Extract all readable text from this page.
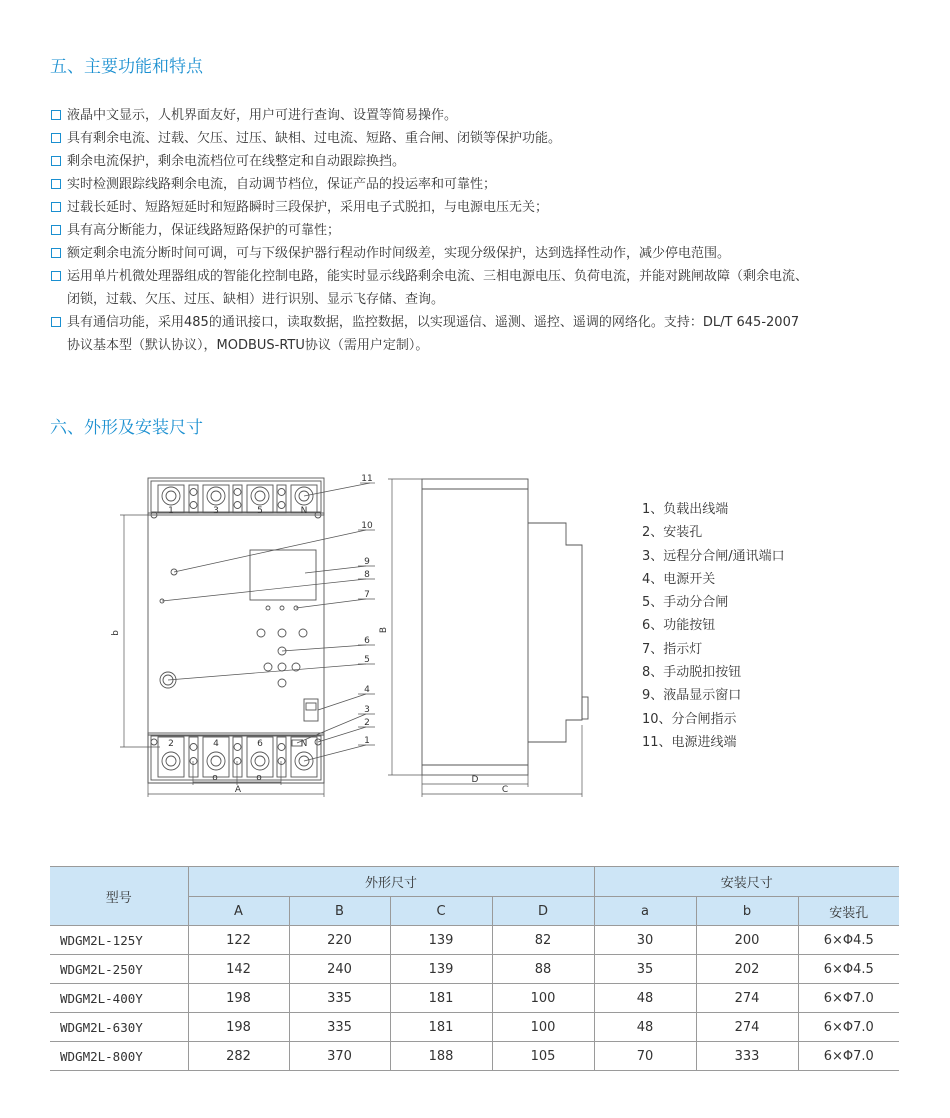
五、主要功能和特点
液晶中文显示，人机界面友好，用户可进行查询、设置等简易操作。
具有剩余电流、过载、欠压、过压、缺相、过电流、短路、重合闸、闭锁等保护功能。
剩余电流保护，剩余电流档位可在线整定和自动跟踪换挡。
实时检测跟踪线路剩余电流，自动调节档位，保证产品的投运率和可靠性；
过载长延时、短路短延时和短路瞬时三段保护，采用电子式脱扣，与电源电压无关；
具有高分断能力，保证线路短路保护的可靠性；
额定剩余电流分断时间可调，可与下级保护器行程动作时间级差，实现分级保护，达到选择性动作，减少停电范围。
运用单片机微处理器组成的智能化控制电路，能实时显示线路剩余电流、三相电源电压、负荷电流，并能对跳闸故障（剩余电流、
闭锁，过载、欠压、过压、缺相）进行识别、显示飞存储、查询。
具有通信功能，采用485的通讯接口，读取数据，监控数据，以实现遥信、遥测、遥控、遥调的网络化。支持：DL/T 645-2007
协议基本型（默认协议），MODBUS-RTU协议（需用户定制）。
六、外形及安装尺寸
1	3	5	N
2	4	6	N
11
10
9
8
7
6
5
4
3
2
1
b
A
o	o
B
D
C
1、负载出线端
2、安装孔
3、远程分合闸/通讯端口
4、电源开关
5、手动分合闸
6、功能按钮
7、指示灯
8、手动脱扣按钮
9、液晶显示窗口
10、分合闸指示
11、电源进线端
型号	外形尺寸				安装尺寸		
	A	B	C	D	a	b	安装孔
WDGM2L-125Y	122	220	139	82	30	200	6×Φ4.5
WDGM2L-250Y	142	240	139	88	35	202	6×Φ4.5
WDGM2L-400Y	198	335	181	100	48	274	6×Φ7.0
WDGM2L-630Y	198	335	181	100	48	274	6×Φ7.0
WDGM2L-800Y	282	370	188	105	70	333	6×Φ7.0
